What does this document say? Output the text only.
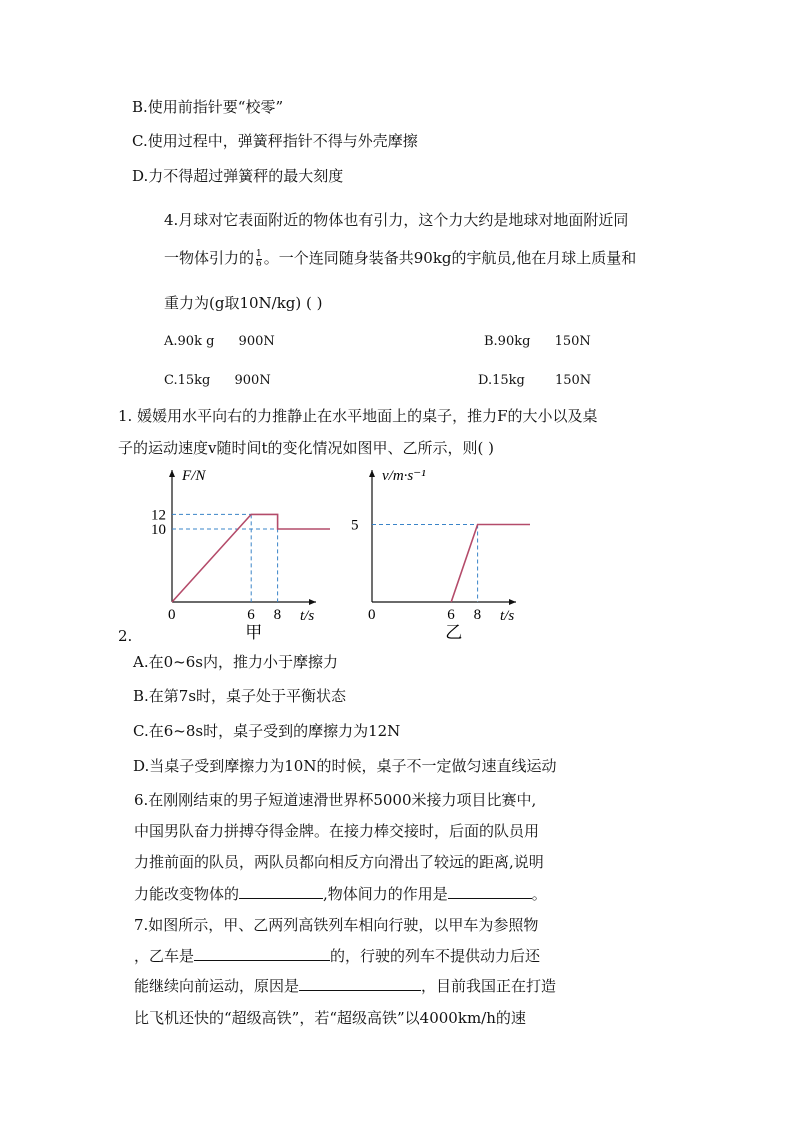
B.使用前指针要“校零”
C.使用过程中，弹簧秤指针不得与外壳摩擦
D.力不得超过弹簧秤的最大刻度
4.月球对它表面附近的物体也有引力，这个力大约是地球对地面附近同
一物体引力的 $\frac{1}{6}$ 。一个连同随身装备共90kg的宇航员,他在月球上质量和
重力为(g取10N/kg) ( )
A.90k g 900N	B.90kg 150N
C.15kg 900N	D.15kg 150N
1. 媛媛用水平向右的力推静止在水平地面上的桌子，推力F的大小以及桌
子的运动速度v随时间t的变化情况如图甲、乙所示，则( )
F/N
t/s
0	6 8
12
10
甲
v/m·s⁻¹
t/s
0	6 8
5
乙
2.
A.在0~6s内，推力小于摩擦力
B.在第7s时，桌子处于平衡状态
C.在6~8s时，桌子受到的摩擦力为12N
D.当桌子受到摩擦力为10N的时候，桌子不一定做匀速直线运动
6.在刚刚结束的男子短道速滑世界杯5000米接力项目比赛中,
中国男队奋力拼搏夺得金牌。在接力棒交接时，后面的队员用
力推前面的队员，两队员都向相反方向滑出了较远的距离,说明
力能改变物体的	,物体间力的作用是	。
7.如图所示，甲、乙两列高铁列车相向行驶，以甲车为参照物
，乙车是	的，行驶的列车不提供动力后还
能继续向前运动，原因是	，目前我国正在打造
比飞机还快的“超级高铁”，若“超级高铁”以4000km/h的速
